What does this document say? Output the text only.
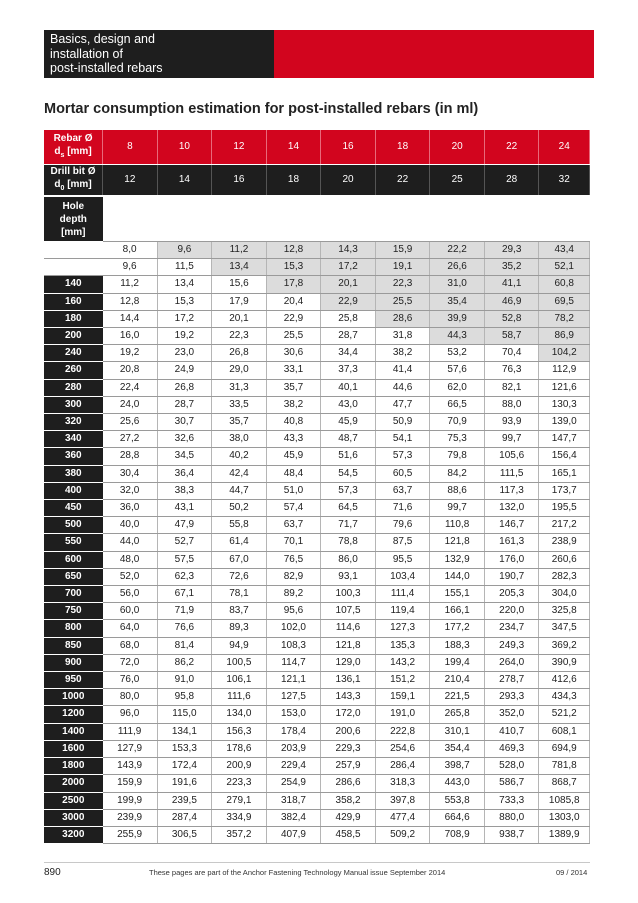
Basics, design and
installation of
post-installed rebars
Mortar consumption estimation for post-installed rebars (in ml)
Rebar Ø
$d_s$ [mm]	8	10	12	14	16	18	20	22	24

Drill bit Ø
$d_0$ [mm]	12	14	16	18	20	22	25	28	32

Hole
depth
[mm]									

	8,0	9,6	11,2	12,8	14,3	15,9	22,2	29,3	43,4
	9,6	11,5	13,4	15,3	17,2	19,1	26,6	35,2	52,1
140	11,2	13,4	15,6	17,8	20,1	22,3	31,0	41,1	60,8
160	12,8	15,3	17,9	20,4	22,9	25,5	35,4	46,9	69,5
180	14,4	17,2	20,1	22,9	25,8	28,6	39,9	52,8	78,2
200	16,0	19,2	22,3	25,5	28,7	31,8	44,3	58,7	86,9
240	19,2	23,0	26,8	30,6	34,4	38,2	53,2	70,4	104,2
260	20,8	24,9	29,0	33,1	37,3	41,4	57,6	76,3	112,9
280	22,4	26,8	31,3	35,7	40,1	44,6	62,0	82,1	121,6
300	24,0	28,7	33,5	38,2	43,0	47,7	66,5	88,0	130,3
320	25,6	30,7	35,7	40,8	45,9	50,9	70,9	93,9	139,0
340	27,2	32,6	38,0	43,3	48,7	54,1	75,3	99,7	147,7
360	28,8	34,5	40,2	45,9	51,6	57,3	79,8	105,6	156,4
380	30,4	36,4	42,4	48,4	54,5	60,5	84,2	111,5	165,1
400	32,0	38,3	44,7	51,0	57,3	63,7	88,6	117,3	173,7
450	36,0	43,1	50,2	57,4	64,5	71,6	99,7	132,0	195,5
500	40,0	47,9	55,8	63,7	71,7	79,6	110,8	146,7	217,2
550	44,0	52,7	61,4	70,1	78,8	87,5	121,8	161,3	238,9
600	48,0	57,5	67,0	76,5	86,0	95,5	132,9	176,0	260,6
650	52,0	62,3	72,6	82,9	93,1	103,4	144,0	190,7	282,3
700	56,0	67,1	78,1	89,2	100,3	111,4	155,1	205,3	304,0
750	60,0	71,9	83,7	95,6	107,5	119,4	166,1	220,0	325,8
800	64,0	76,6	89,3	102,0	114,6	127,3	177,2	234,7	347,5
850	68,0	81,4	94,9	108,3	121,8	135,3	188,3	249,3	369,2
900	72,0	86,2	100,5	114,7	129,0	143,2	199,4	264,0	390,9
950	76,0	91,0	106,1	121,1	136,1	151,2	210,4	278,7	412,6
1000	80,0	95,8	111,6	127,5	143,3	159,1	221,5	293,3	434,3
1200	96,0	115,0	134,0	153,0	172,0	191,0	265,8	352,0	521,2
1400	111,9	134,1	156,3	178,4	200,6	222,8	310,1	410,7	608,1
1600	127,9	153,3	178,6	203,9	229,3	254,6	354,4	469,3	694,9
1800	143,9	172,4	200,9	229,4	257,9	286,4	398,7	528,0	781,8
2000	159,9	191,6	223,3	254,9	286,6	318,3	443,0	586,7	868,7
2500	199,9	239,5	279,1	318,7	358,2	397,8	553,8	733,3	1085,8
3000	239,9	287,4	334,9	382,4	429,9	477,4	664,6	880,0	1303,0
3200	255,9	306,5	357,2	407,9	458,5	509,2	708,9	938,7	1389,9
890	These pages are part of the Anchor Fastening Technology Manual issue September 2014	09 / 2014
